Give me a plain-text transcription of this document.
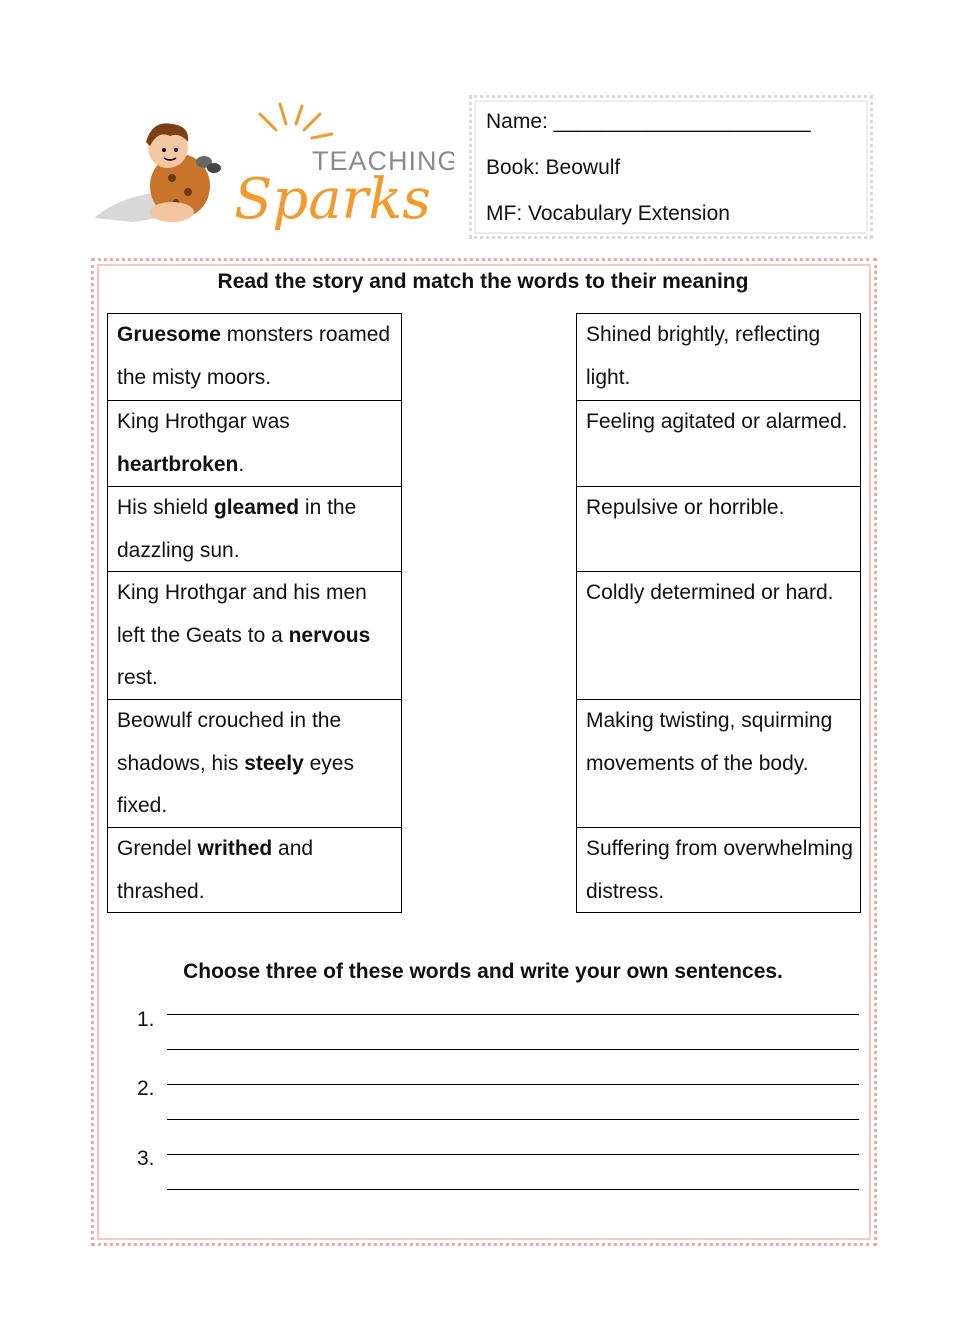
TEACHING
Sparks
Name: ______________________
Book: Beowulf
MF: Vocabulary Extension
Read the story and match the words to their meaning
Gruesome monsters roamed the misty moors.
King Hrothgar was heartbroken.
His shield gleamed in the dazzling sun.
King Hrothgar and his men left the Geats to a nervous rest.
Beowulf crouched in the shadows, his steely eyes fixed.
Grendel writhed and thrashed.
Shined brightly, reflecting light.
Feeling agitated or alarmed.
Repulsive or horrible.
Coldly determined or hard.
Making twisting, squirming movements of the body.
Suffering from overwhelming distress.
Choose three of these words and write your own sentences.
1.
2.
3.
